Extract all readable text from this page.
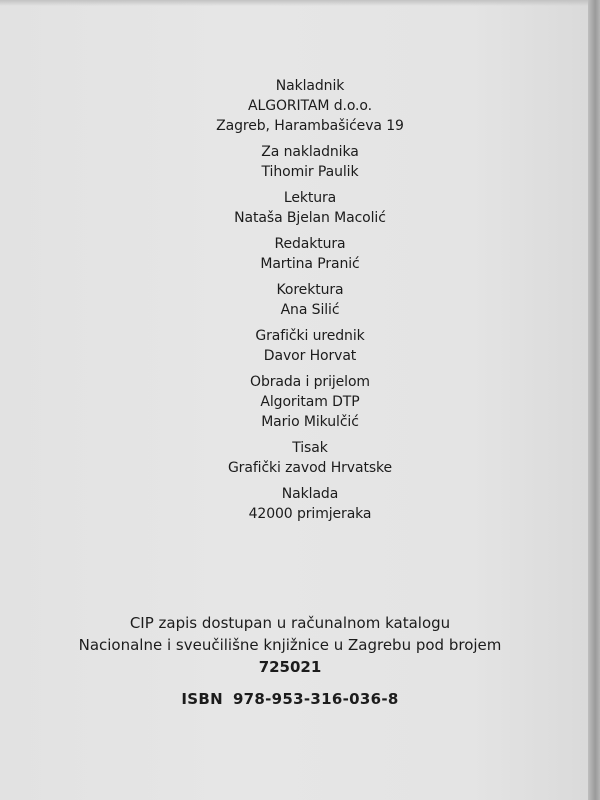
Nakladnik
ALGORITAM d.o.o.
Zagreb, Harambašićeva 19
Za nakladnika
Tihomir Paulik
Lektura
Nataša Bjelan Macolić
Redaktura
Martina Pranić
Korektura
Ana Silić
Grafički urednik
Davor Horvat
Obrada i prijelom
Algoritam DTP
Mario Mikulčić
Tisak
Grafički zavod Hrvatske
Naklada
42000 primjeraka
CIP zapis dostupan u računalnom katalogu
Nacionalne i sveučilišne knjižnice u Zagrebu pod brojem
725021
ISBN 978-953-316-036-8
